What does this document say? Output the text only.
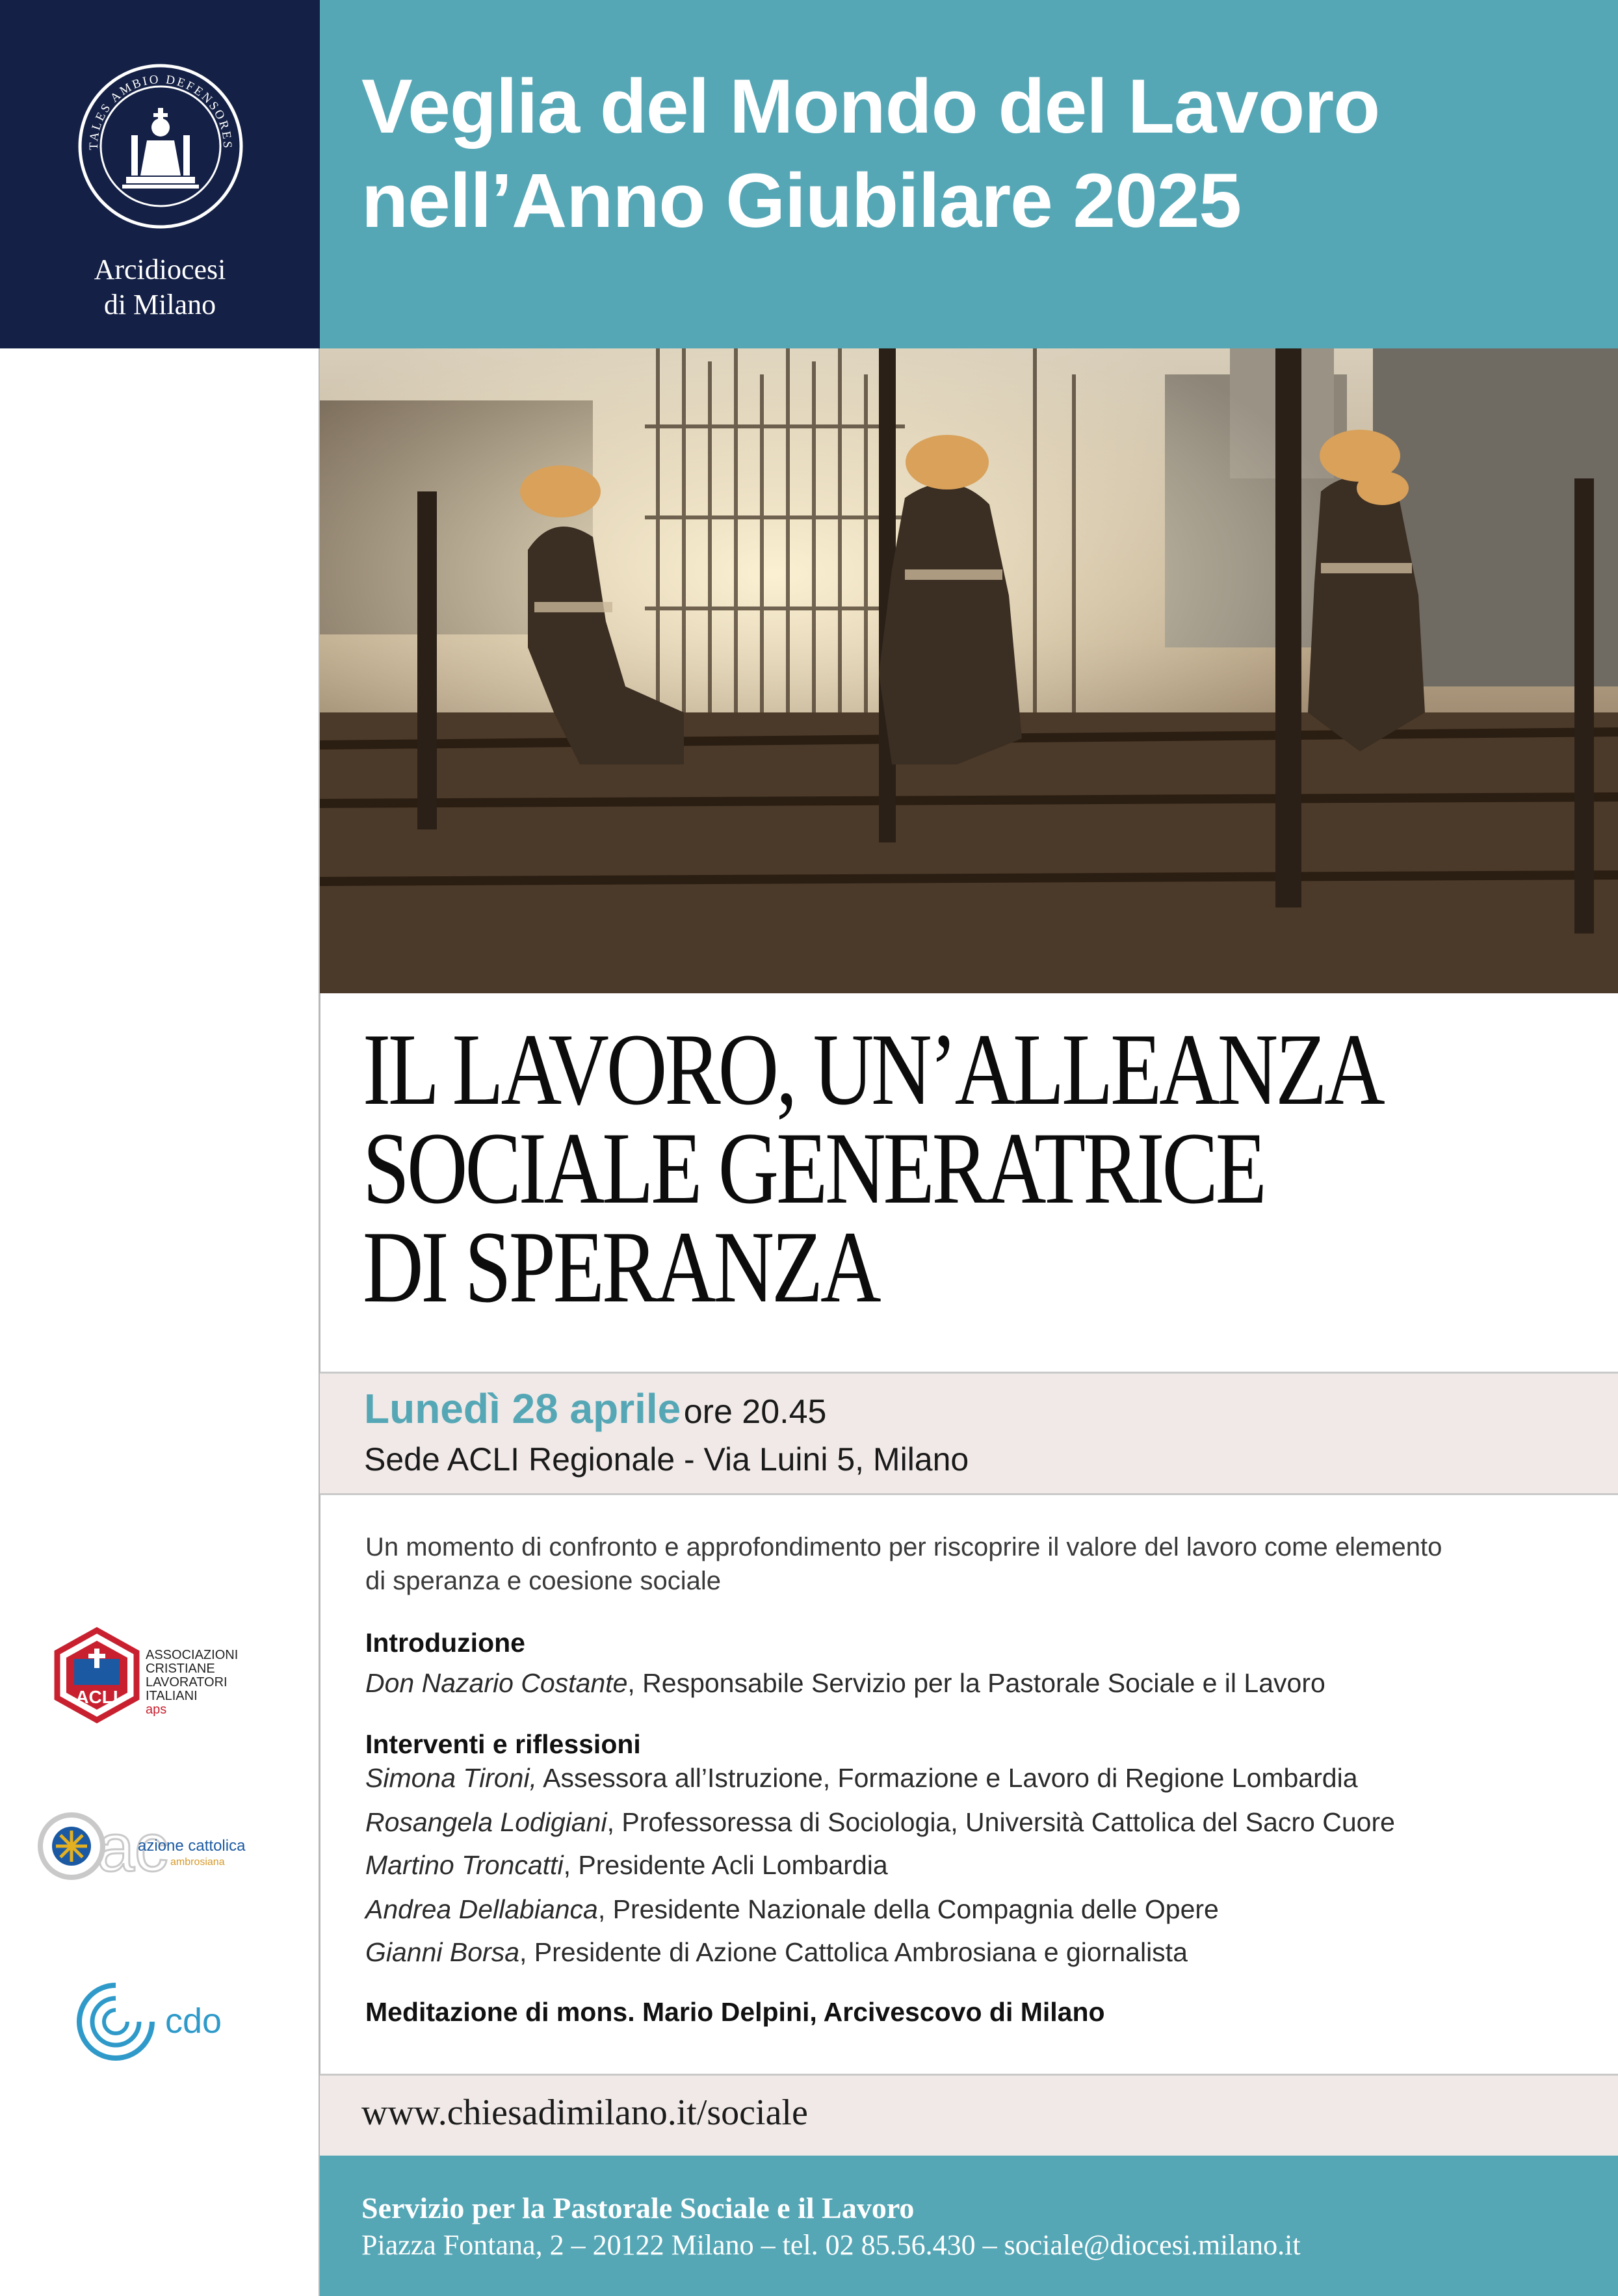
TALES AMBIO DEFENSORES
Arcidiocesi
di Milano
Veglia del Mondo del Lavoro
nell’Anno Giubilare 2025
IL LAVORO, UN’ALLEANZA
SOCIALE GENERATRICE
DI SPERANZA
Lunedì 28 aprile ore 20.45
Sede ACLI Regionale - Via Luini 5, Milano
Un momento di confronto e approfondimento per riscoprire il valore del lavoro come elemento
di speranza e coesione sociale
Introduzione
Don Nazario Costante, Responsabile Servizio per la Pastorale Sociale e il Lavoro
Interventi e riflessioni
Simona Tironi, Assessora all’Istruzione, Formazione e Lavoro di Regione Lombardia
Rosangela Lodigiani, Professoressa di Sociologia, Università Cattolica del Sacro Cuore
Martino Troncatti, Presidente Acli Lombardia
Andrea Dellabianca, Presidente Nazionale della Compagnia delle Opere
Gianni Borsa, Presidente di Azione Cattolica Ambrosiana e giornalista
Meditazione di mons. Mario Delpini, Arcivescovo di Milano
www.chiesadimilano.it/sociale
Servizio per la Pastorale Sociale e il Lavoro
Piazza Fontana, 2 – 20122 Milano – tel. 02 85.56.430 – sociale@diocesi.milano.it
ACLI
ASSOCIAZIONI
CRISTIANE
LAVORATORI
ITALIANI
aps
ac
azione cattolica
ambrosiana
cdo
